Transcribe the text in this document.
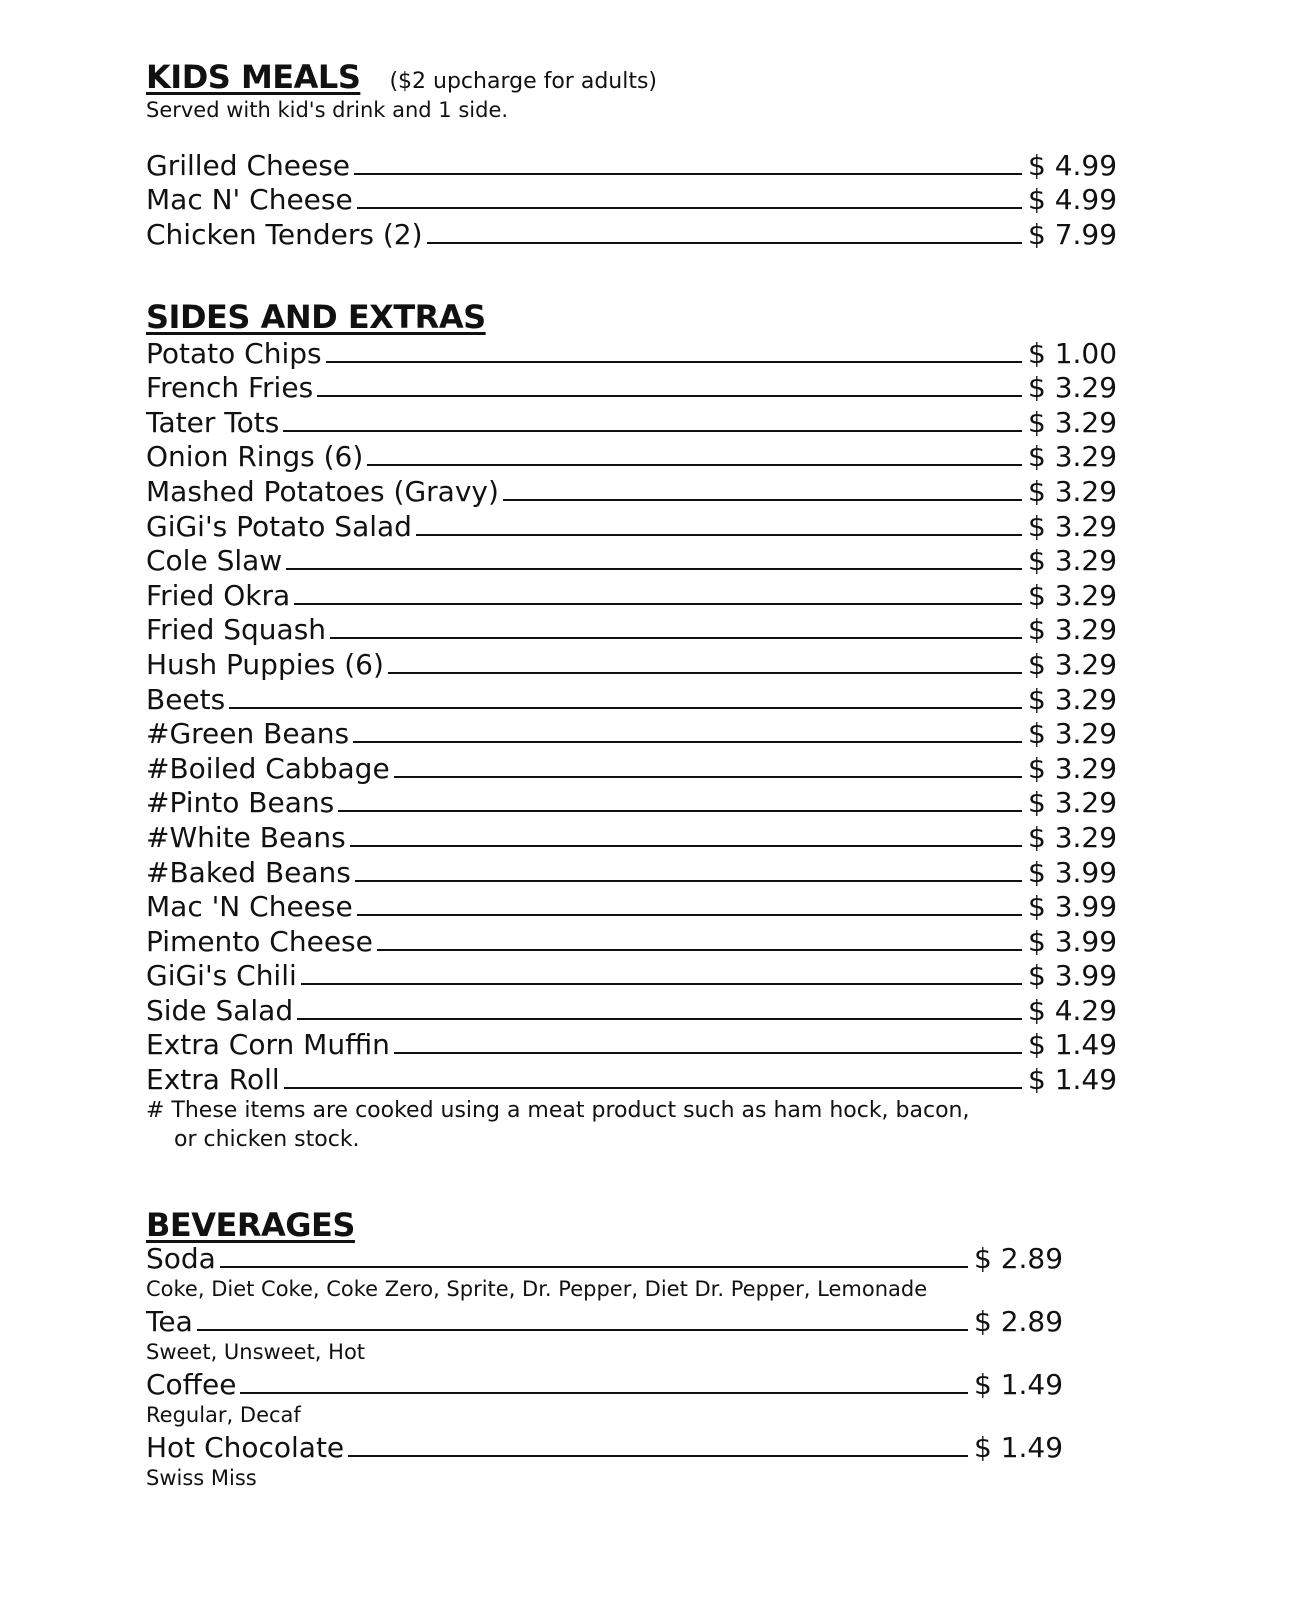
KIDS MEALS ($2 upcharge for adults)
Served with kid's drink and 1 side.
Grilled Cheese	$ 4.99
Mac N' Cheese	$ 4.99
Chicken Tenders (2)	$ 7.99
SIDES AND EXTRAS
Potato Chips	$ 1.00
French Fries	$ 3.29
Tater Tots	$ 3.29
Onion Rings (6)	$ 3.29
Mashed Potatoes (Gravy)	$ 3.29
GiGi's Potato Salad	$ 3.29
Cole Slaw	$ 3.29
Fried Okra	$ 3.29
Fried Squash	$ 3.29
Hush Puppies (6)	$ 3.29
Beets	$ 3.29
#Green Beans	$ 3.29
#Boiled Cabbage	$ 3.29
#Pinto Beans	$ 3.29
#White Beans	$ 3.29
#Baked Beans	$ 3.99
Mac 'N Cheese	$ 3.99
Pimento Cheese	$ 3.99
GiGi's Chili	$ 3.99
Side Salad	$ 4.29
Extra Corn Muffin	$ 1.49
Extra Roll	$ 1.49
# These items are cooked using a meat product such as ham hock, bacon,
or chicken stock.
BEVERAGES
Soda	$ 2.89
Coke, Diet Coke, Coke Zero, Sprite, Dr. Pepper, Diet Dr. Pepper, Lemonade
Tea	$ 2.89
Sweet, Unsweet, Hot
Coffee	$ 1.49
Regular, Decaf
Hot Chocolate	$ 1.49
Swiss Miss
